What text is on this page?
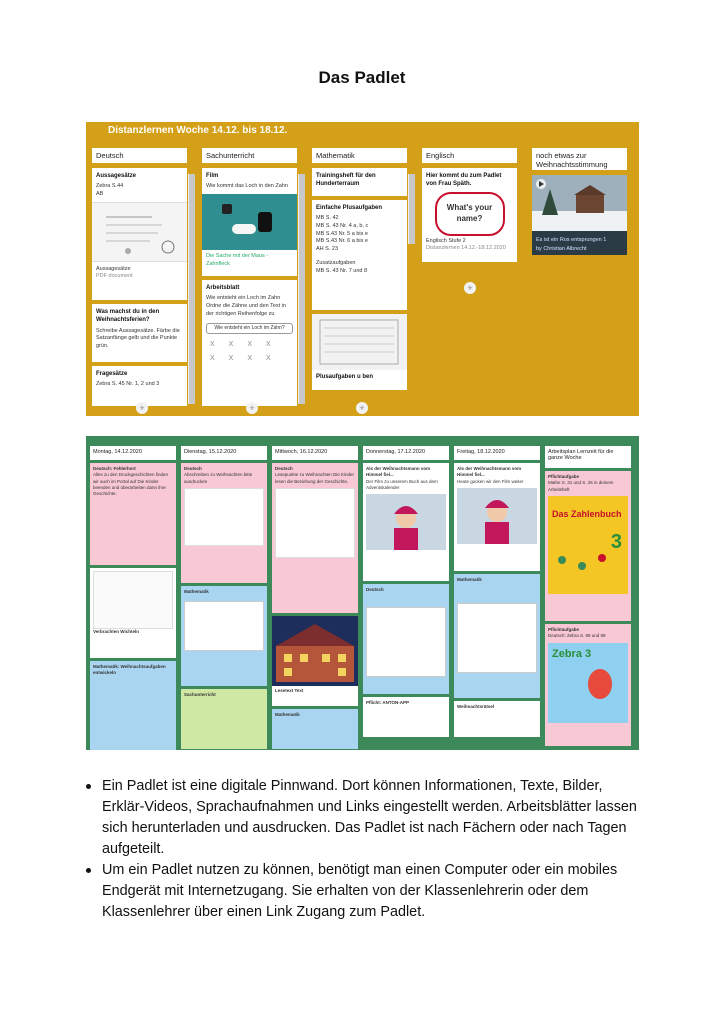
Das Padlet
Distanzlernen Woche 14.12. bis 18.12.
Deutsch
Aussagesätze
Zebra S.44
AB
Aussagesätze
PDF document
Was machst du in den Weihnachtsferien?
Schreibe Aussagesätze. Färbe die Satzanfänge gelb und die Punkte grün.
Fragesätze
Zebra S. 45 Nr. 1, 2 und 3
+
Sachunterricht
Film
Wie kommt das Loch in den Zahn
Die Sache mit der Maus - Zahnfleck
Arbeitsblatt
Wie entsteht ein Loch im Zahn Ordne die Zähne und den Text in der richtigen Reihenfolge zu
Wie entsteht ein Loch im Zahn?
XXXX
XXXX
+
Mathematik
Trainingsheft für den Hunderterraum
Einfache Plusaufgaben
MB S. 42
MB S. 43 Nr. 4 a, b, c
MB S.43 Nr. 5 a bis e
MB S.43 Nr. 6 a bis e
AH S. 23
Zusatzaufgaben
MB S. 43 Nr. 7 und 8
Plusaufgaben u ben
+
Englisch
Hier kommt du zum Padlet von Frau Späth.
What's your name?
Englisch Stufe 2
Distanzlernen 14.12.-18.12.2020
+
noch etwas zur Weihnachtsstimmung
Es ist ein Ros entsprungen 1
by Christian Albrecht
Montag, 14.12.2020
Deutsch: Fehlerhort
Alles zu den Druckgeschichten finden wir auch im Portal auf Die Kinder beenden und überarbeiten dann ihre Geschichte.
Verbrachten Wichteln
Mathematik: Weihnachtsaufgaben entwickeln
Dienstag, 15.12.2020
Deutsch
Abschreiben zu Weihnachten bitte ausdrucken
Mathematik
Sachunterricht
Mittwoch, 16.12.2020
Deutsch
Lesepunkte zu Weihnachten Die Kinder lesen die Beziehung der Geschichte.
Lesetext Text
Mathematik
Donnerstag, 17.12.2020
Als der Weihnachtsmann vom Himmel fiel...
Der Film zu unserem Buch aus dem Adventskalender
Deutsch
Pflicht: ANTON-APP
Freitag, 18.12.2020
Als der Weihnachtsmann vom Himmel fiel...
Heute gucken wir den Film weiter
Mathematik
Weihnachtsrätsel
Arbeitsplan Lernzeit für die ganze Woche
Pflichtaufgabe
Mathe S. 31 und S. 25 in deinem Arbeitsheft
Das Zahlenbuch
3
Pflichtaufgabe
Deutsch: Zebra S. 88 und 89
Zebra 3
Ein Padlet ist eine digitale Pinnwand. Dort können Informationen, Texte, Bilder, Erklär-Videos, Sprachaufnahmen und Links eingestellt werden. Arbeitsblätter lassen sich herunterladen und ausdrucken. Das Padlet ist nach Fächern oder nach Tagen aufgeteilt.
Um ein Padlet nutzen zu können, benötigt man einen Computer oder ein mobiles Endgerät mit Internetzugang. Sie erhalten von der Klassenlehrerin oder dem Klassenlehrer über einen Link Zugang zum Padlet.
